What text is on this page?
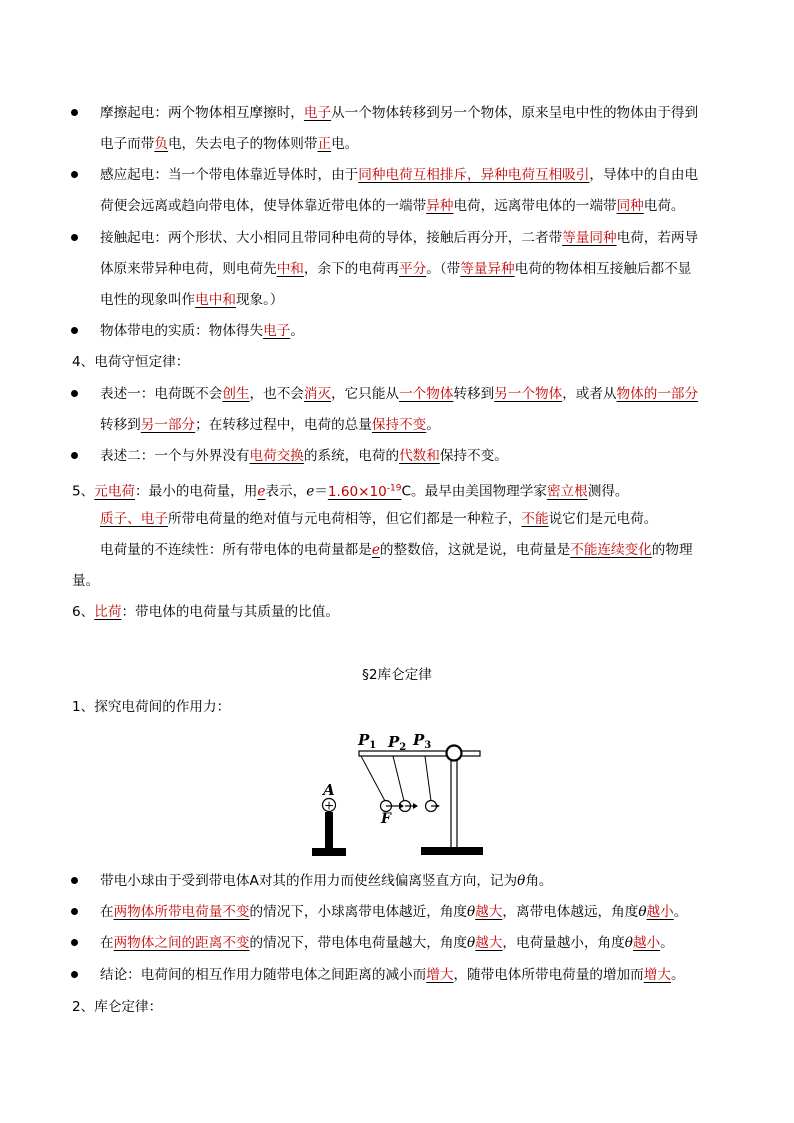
摩擦起电：两个物体相互摩擦时，电子从一个物体转移到另一个物体，原来呈电中性的物体由于得到
电子而带负电，失去电子的物体则带正电。
感应起电：当一个带电体靠近导体时，由于同种电荷互相排斥，异种电荷互相吸引，导体中的自由电
荷便会远离或趋向带电体，使导体靠近带电体的一端带异种电荷，远离带电体的一端带同种电荷。
接触起电：两个形状、大小相同且带同种电荷的导体，接触后再分开，二者带等量同种电荷，若两导
体原来带异种电荷，则电荷先中和，余下的电荷再平分。（带等量异种电荷的物体相互接触后都不显
电性的现象叫作电中和现象。）
物体带电的实质：物体得失电子。
4、电荷守恒定律：
表述一：电荷既不会创生，也不会消灭，它只能从一个物体转移到另一个物体，或者从物体的一部分
转移到另一部分；在转移过程中，电荷的总量保持不变。
表述二：一个与外界没有电荷交换的系统，电荷的代数和保持不变。
5、元电荷：最小的电荷量，用e表示，$e=1.60\times 10^{-19}C$。最早由美国物理学家密立根测得。
质子、电子所带电荷量的绝对值与元电荷相等，但它们都是一种粒子，不能说它们是元电荷。
电荷量的不连续性：所有带电体的电荷量都是e的整数倍，这就是说，电荷量是不能连续变化的物理
量。
6、比荷：带电体的电荷量与其质量的比值。
§2库仑定律
1、探究电荷间的作用力：
+
A
F
$P_1$ $P_2$ $P_3$
带电小球由于受到带电体A对其的作用力而使丝线偏离竖直方向，记为θ角。
在两物体所带电荷量不变的情况下，小球离带电体越近，角度θ越大，离带电体越远，角度θ越小。
在两物体之间的距离不变的情况下，带电体电荷量越大，角度θ越大，电荷量越小，角度θ越小。
结论：电荷间的相互作用力随带电体之间距离的减小而增大，随带电体所带电荷量的增加而增大。
2、库仑定律：
